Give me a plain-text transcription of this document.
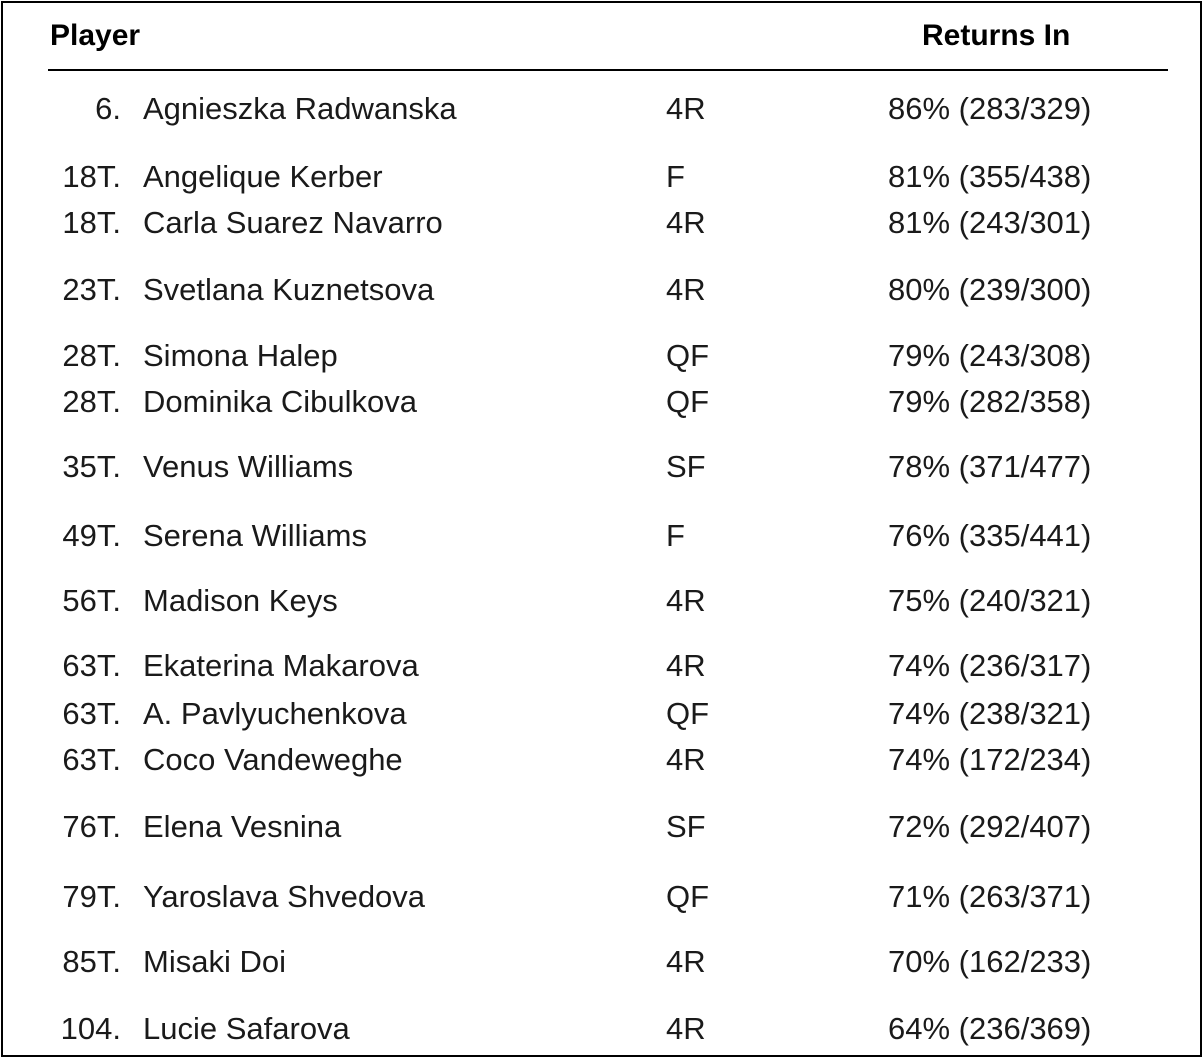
Player	Returns In
6. Agnieszka Radwanska	4R	86% (283/329)
18T. Angelique Kerber	F	81% (355/438)
18T. Carla Suarez Navarro	4R	81% (243/301)
23T. Svetlana Kuznetsova	4R	80% (239/300)
28T. Simona Halep	QF	79% (243/308)
28T. Dominika Cibulkova	QF	79% (282/358)
35T. Venus Williams	SF	78% (371/477)
49T. Serena Williams	F	76% (335/441)
56T. Madison Keys	4R	75% (240/321)
63T. Ekaterina Makarova	4R	74% (236/317)
63T. A. Pavlyuchenkova	QF	74% (238/321)
63T. Coco Vandeweghe	4R	74% (172/234)
76T. Elena Vesnina	SF	72% (292/407)
79T. Yaroslava Shvedova	QF	71% (263/371)
85T. Misaki Doi	4R	70% (162/233)
104. Lucie Safarova	4R	64% (236/369)
